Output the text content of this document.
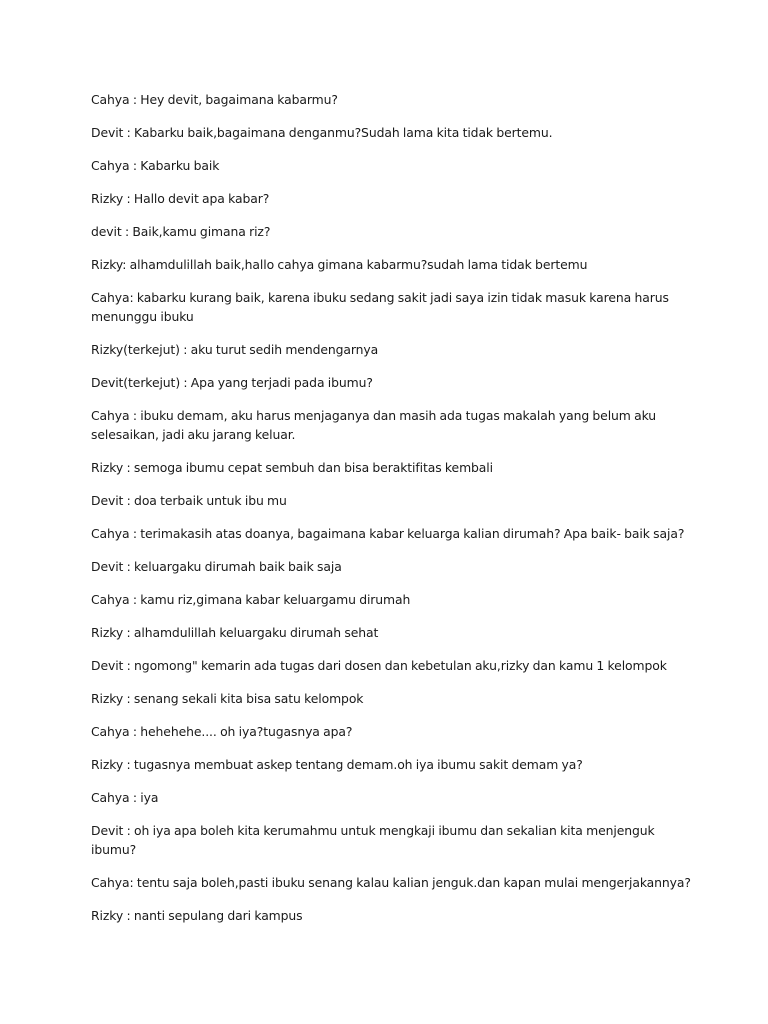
Cahya : Hey devit, bagaimana kabarmu?

Devit : Kabarku baik,bagaimana denganmu?Sudah lama kita tidak bertemu.

Cahya : Kabarku baik

Rizky : Hallo devit apa kabar?

devit : Baik,kamu gimana riz?

Rizky: alhamdulillah baik,hallo cahya gimana kabarmu?sudah lama tidak bertemu

Cahya: kabarku kurang baik, karena ibuku sedang sakit jadi saya izin tidak masuk karena harus menunggu ibuku

Rizky(terkejut) : aku turut sedih mendengarnya

Devit(terkejut) : Apa yang terjadi pada ibumu?

Cahya : ibuku demam, aku harus menjaganya dan masih ada tugas makalah yang belum aku selesaikan, jadi aku jarang keluar.

Rizky : semoga ibumu cepat sembuh dan bisa beraktifitas kembali

Devit : doa terbaik untuk ibu mu

Cahya : terimakasih atas doanya, bagaimana kabar keluarga kalian dirumah? Apa baik- baik saja?

Devit : keluargaku dirumah baik baik saja

Cahya : kamu riz,gimana kabar keluargamu dirumah

Rizky : alhamdulillah keluargaku dirumah sehat

Devit : ngomong" kemarin ada tugas dari dosen dan kebetulan aku,rizky dan kamu 1 kelompok

Rizky : senang sekali kita bisa satu kelompok

Cahya : hehehehe.... oh iya?tugasnya apa?

Rizky : tugasnya membuat askep tentang demam.oh iya ibumu sakit demam ya?

Cahya : iya

Devit : oh iya apa boleh kita kerumahmu untuk mengkaji ibumu dan sekalian kita menjenguk ibumu?

Cahya: tentu saja boleh,pasti ibuku senang kalau kalian jenguk.dan kapan mulai mengerjakannya?

Rizky : nanti sepulang dari kampus
